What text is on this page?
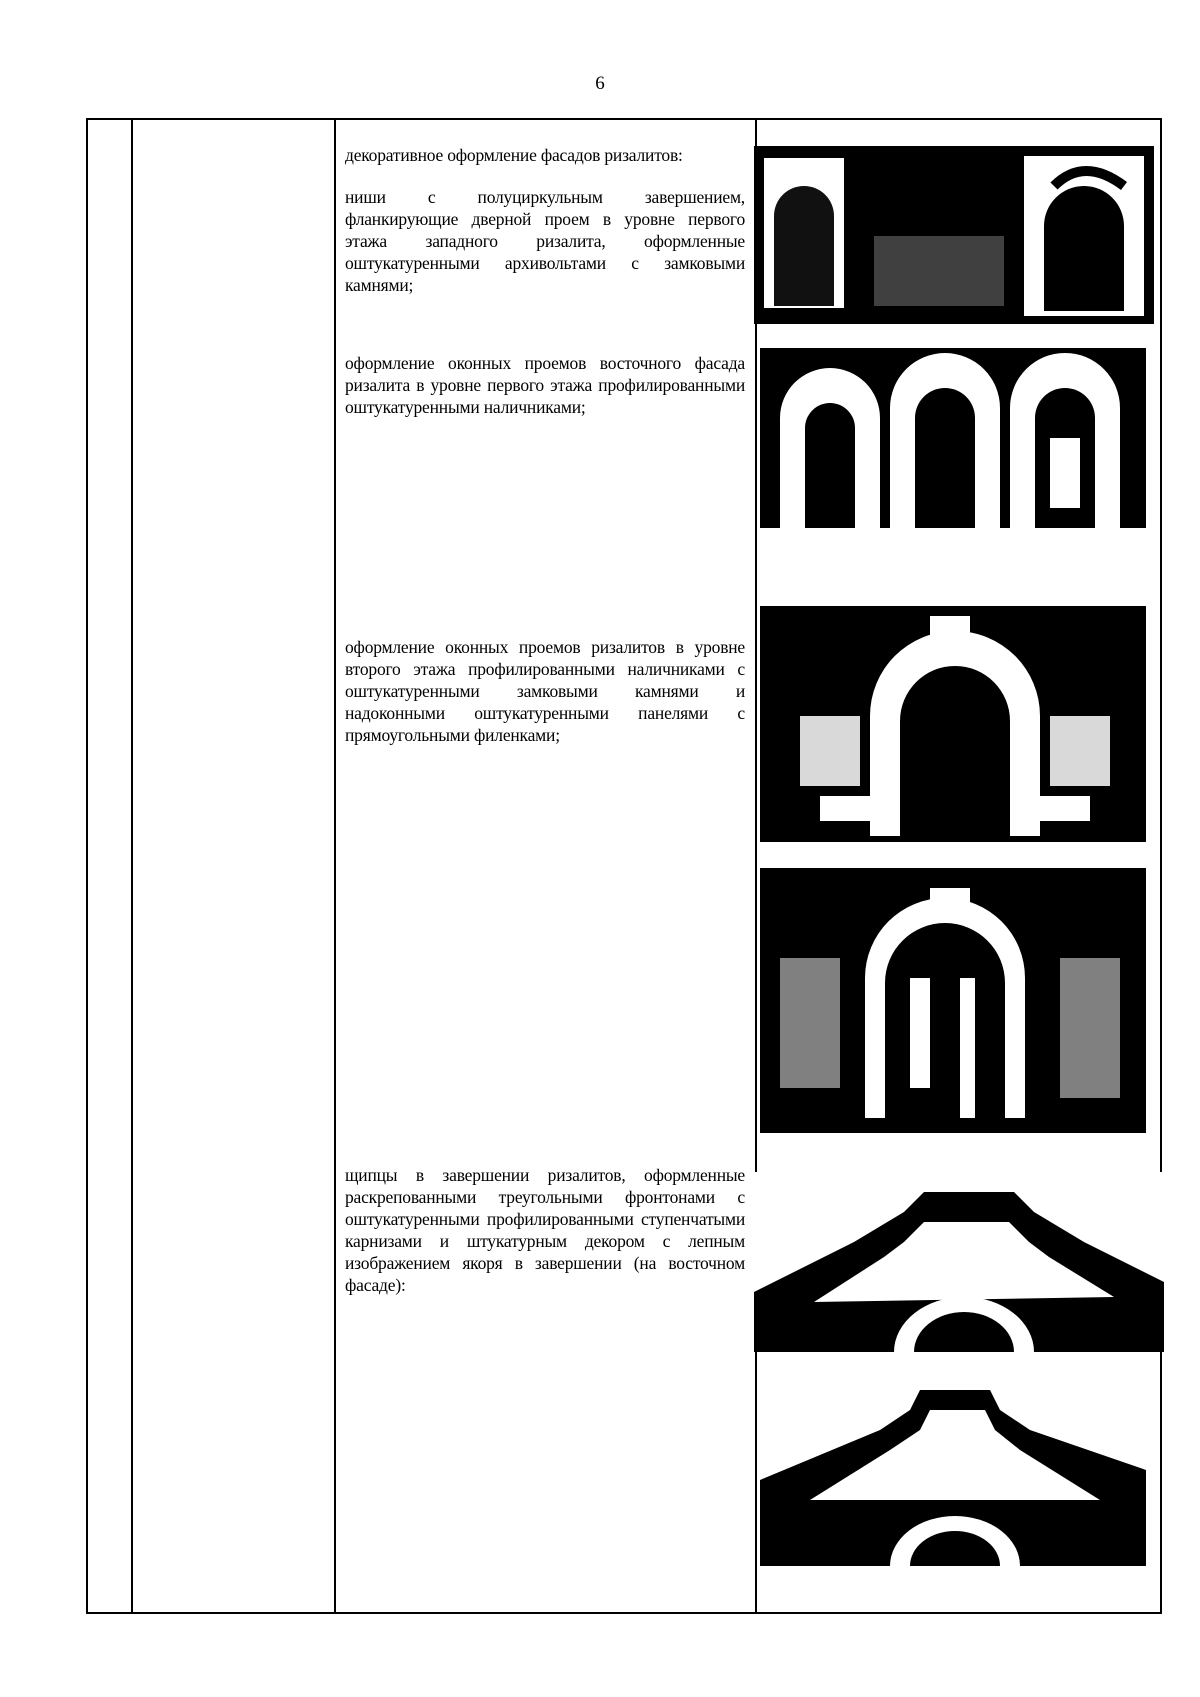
6

декоративное оформление фасадов ризалитов:

ниши с полуциркульным завершением, фланкирующие дверной проем в уровне первого этажа западного ризалита, оформленные оштукатуренными архивольтами с замковыми камнями;

оформление оконных проемов восточного фасада ризалита в уровне первого этажа профилированными оштукатуренными наличниками;

оформление оконных проемов ризалитов в уровне второго этажа профилированными наличниками с оштукатуренными замковыми камнями и надоконными оштукатуренными панелями с прямоугольными филенками;

щипцы в завершении ризалитов, оформленные раскрепованными треугольными фронтонами с оштукатуренными профилированными ступенчатыми карнизами и штукатурным декором с лепным изображением якоря в завершении (на восточном фасаде):
